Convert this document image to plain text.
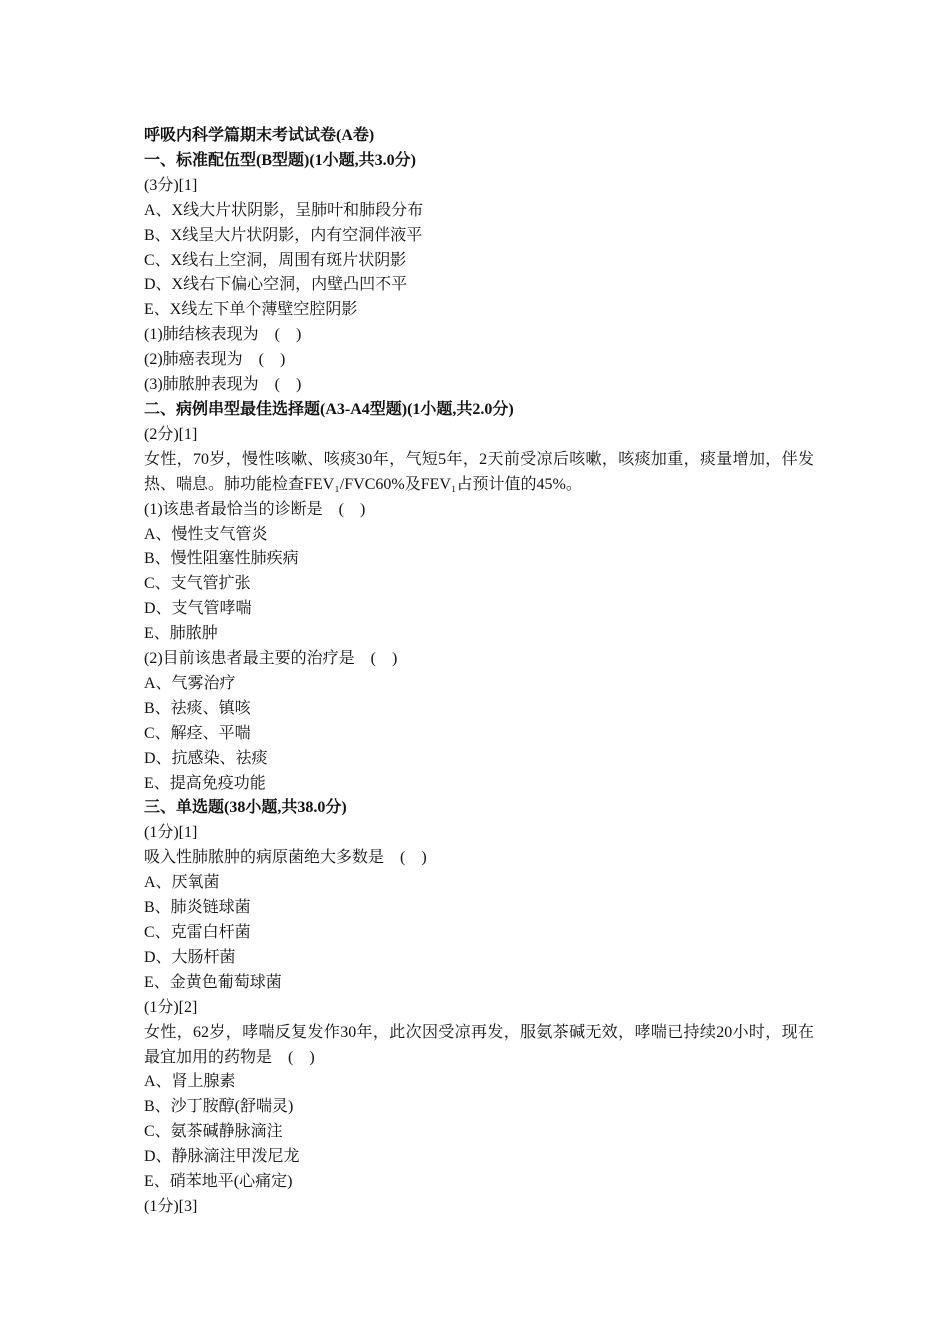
呼吸内科学篇期末考试试卷(A卷)
一、标准配伍型(B型题)(1小题,共3.0分)
(3分)[1]
A、X线大片状阴影，呈肺叶和肺段分布
B、X线呈大片状阴影，内有空洞伴液平
C、X线右上空洞，周围有斑片状阴影
D、X线右下偏心空洞，内壁凸凹不平
E、X线左下单个薄壁空腔阴影
(1)肺结核表现为　(　)
(2)肺癌表现为　(　)
(3)肺脓肿表现为　(　)
二、病例串型最佳选择题(A3-A4型题)(1小题,共2.0分)
(2分)[1]
女性，70岁，慢性咳嗽、咳痰30年，气短5年，2天前受凉后咳嗽，咳痰加重，痰量增加，伴发热、喘息。肺功能检查FEV₁/FVC60%及FEV₁占预计值的45%。
(1)该患者最恰当的诊断是　(　)
A、慢性支气管炎
B、慢性阻塞性肺疾病
C、支气管扩张
D、支气管哮喘
E、肺脓肿
(2)目前该患者最主要的治疗是　(　)
A、气雾治疗
B、祛痰、镇咳
C、解痉、平喘
D、抗感染、祛痰
E、提高免疫功能
三、单选题(38小题,共38.0分)
(1分)[1]
吸入性肺脓肿的病原菌绝大多数是　(　)
A、厌氧菌
B、肺炎链球菌
C、克雷白杆菌
D、大肠杆菌
E、金黄色葡萄球菌
(1分)[2]
女性，62岁，哮喘反复发作30年，此次因受凉再发，服氨茶碱无效，哮喘已持续20小时，现在最宜加用的药物是　(　)
A、肾上腺素
B、沙丁胺醇(舒喘灵)
C、氨茶碱静脉滴注
D、静脉滴注甲泼尼龙
E、硝苯地平(心痛定)
(1分)[3]
